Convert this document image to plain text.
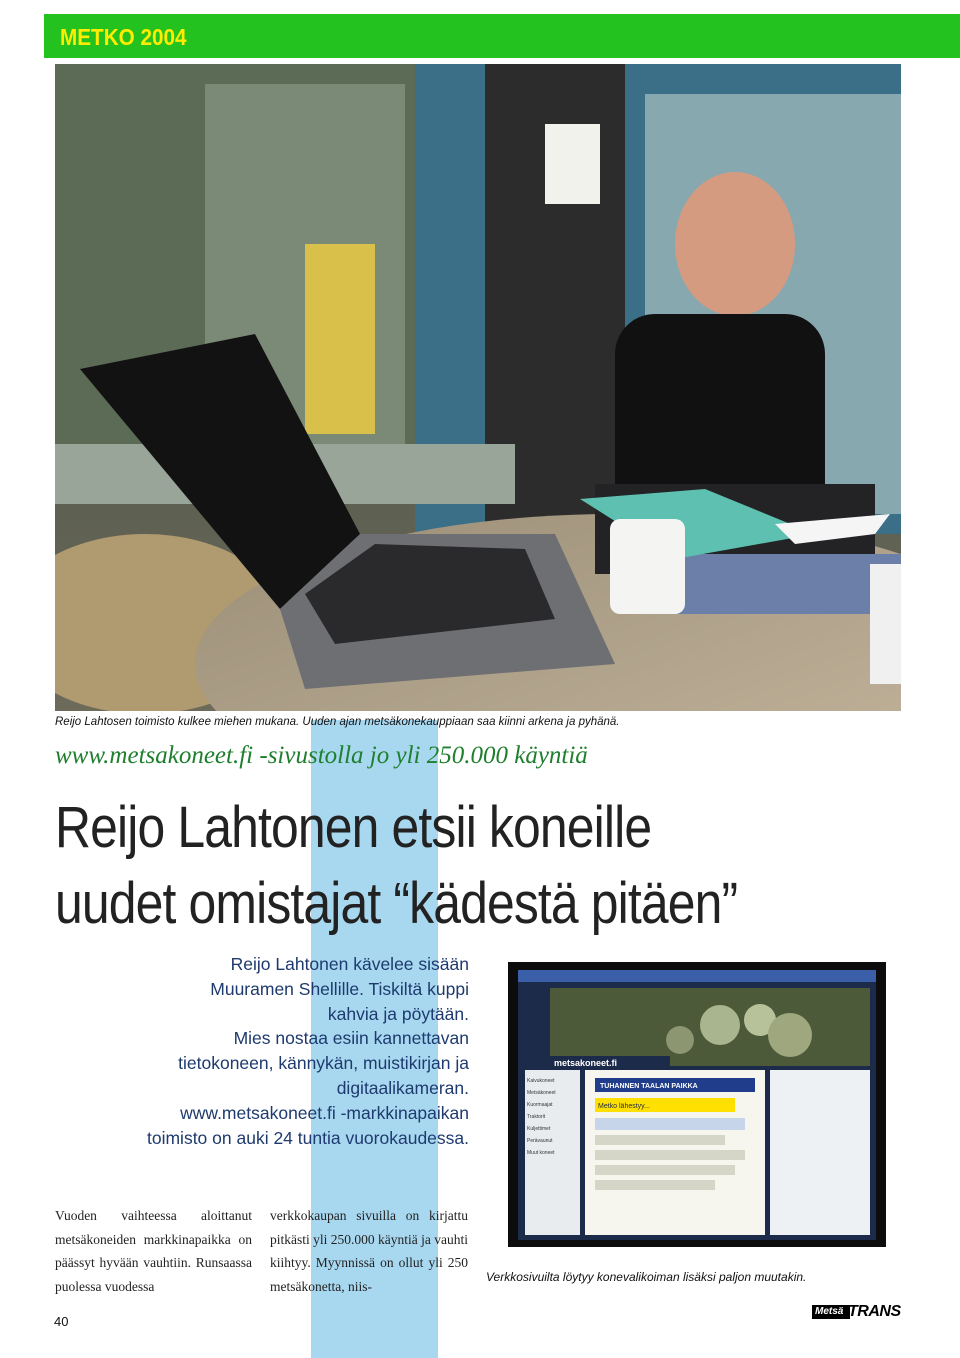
METKO 2004
Reijo Lahtosen toimisto kulkee miehen mukana. Uuden ajan metsäkonekauppiaan saa kiinni arkena ja pyhänä.
www.metsakoneet.fi -sivustolla jo yli 250.000 käyntiä
Reijo Lahtonen etsii koneille
uudet omistajat “kädestä pitäen”
Reijo Lahtonen kävelee sisään
Muuramen Shellille. Tiskiltä kuppi
kahvia ja pöytään.
Mies nostaa esiin kannettavan
tietokoneen, kännykän, muistikirjan ja
digitaalikameran.
www.metsakoneet.fi -markkinapaikan
toimisto on auki 24 tuntia vuorokaudessa.
Vuoden vaihteessa aloittanut metsäkoneiden markkinapaikka on päässyt hyvään vauhtiin. Runsaassa puolessa vuodessa
verkkokaupan sivuilla on kirjattu pitkästi yli 250.000 käyntiä ja vauhti kiihtyy. Myynnissä on ollut yli 250 metsäkonetta, niis-
metsakoneet.fi
TUHANNEN TAALAN PAIKKA
Metko lähestyy...
Kaivukoneet
Metsäkoneet
Kuormaajat
Traktorit
Kuljettimet
Perävaunut
Muut koneet
Verkkosivuilta löytyy konevalikoiman lisäksi paljon muutakin.
40
Metsä TRANS
